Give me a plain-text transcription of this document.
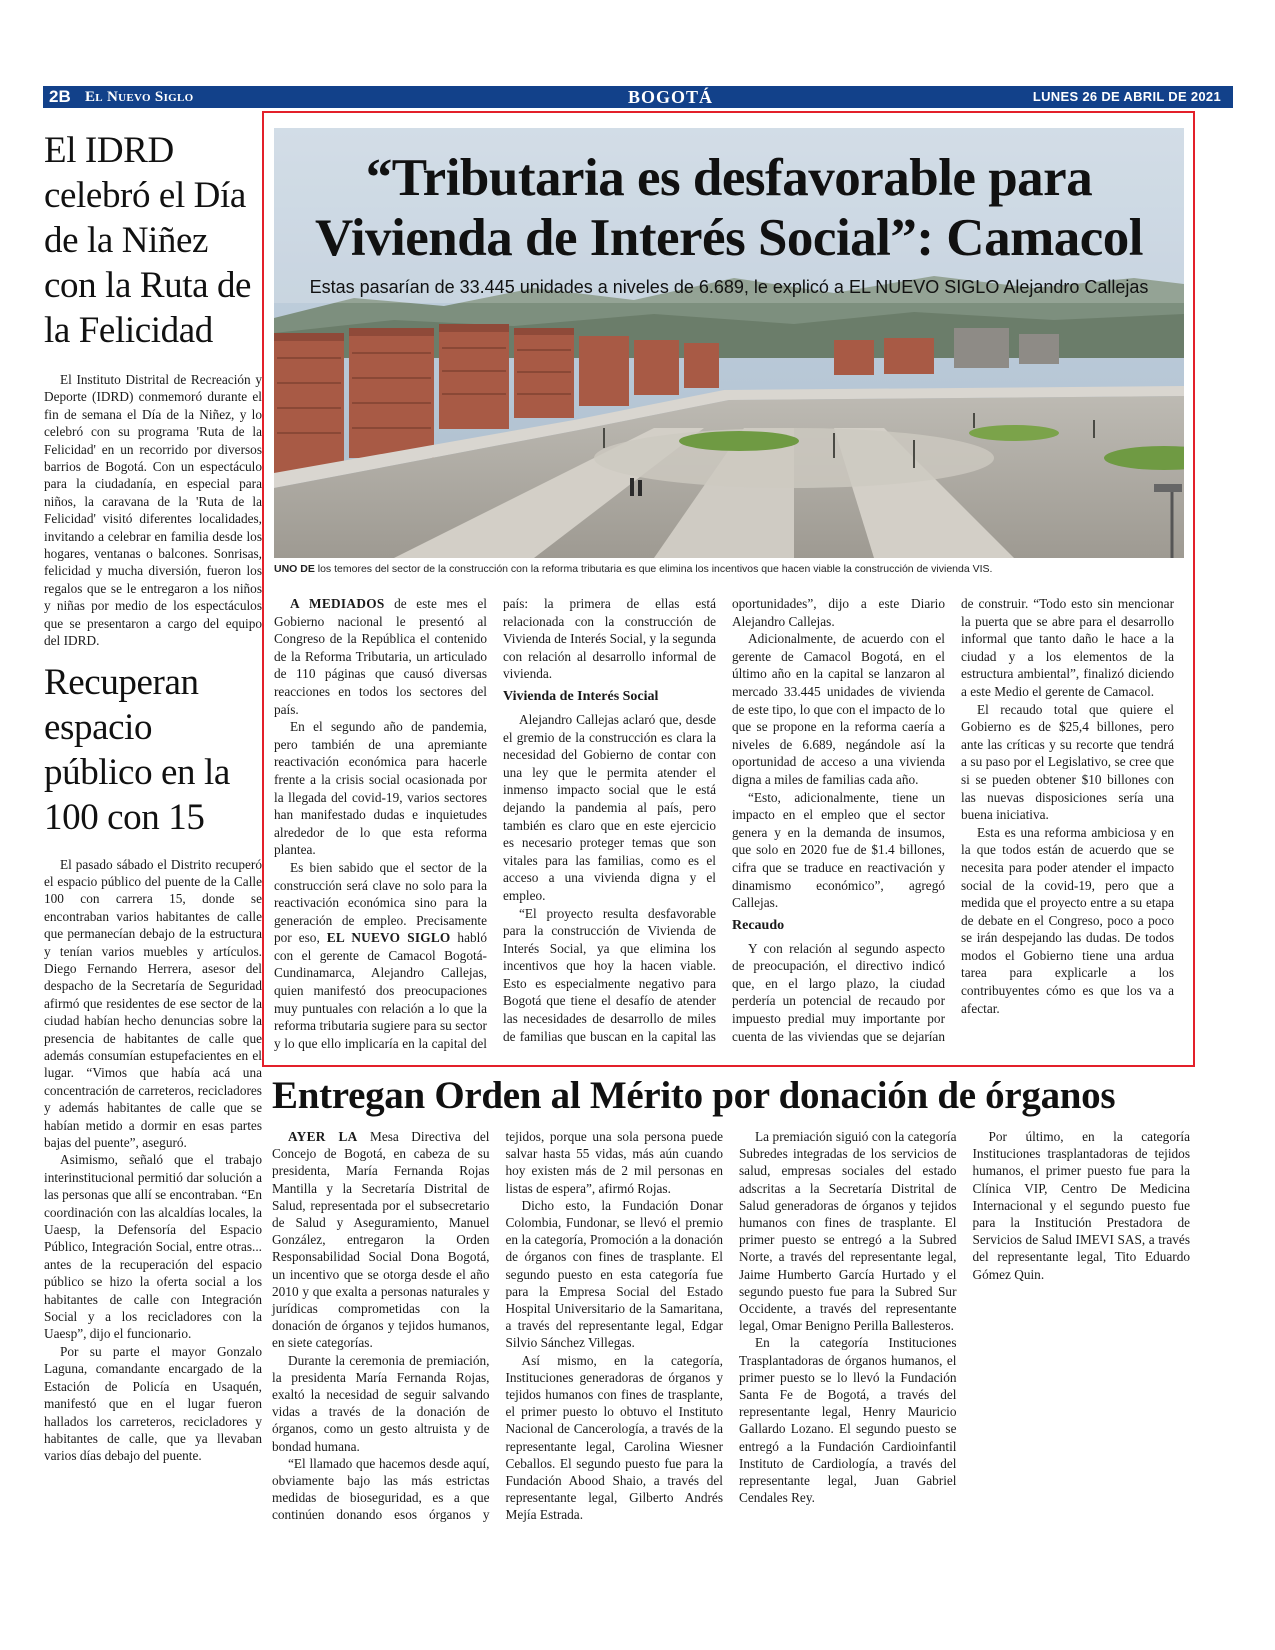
2B El Nuevo Siglo	BOGOTÁ	LUNES 26 DE ABRIL DE 2021
El IDRD celebró el Día de la Niñez con la Ruta de la Felicidad

El Instituto Distrital de Recreación y Deporte (IDRD) conmemoró durante el fin de semana el Día de la Niñez, y lo celebró con su programa 'Ruta de la Felicidad' en un recorrido por diversos barrios de Bogotá. Con un espectáculo para la ciudadanía, en especial para niños, la caravana de la 'Ruta de la Felicidad' visitó diferentes localidades, invitando a celebrar en familia desde los hogares, ventanas o balcones. Sonrisas, felicidad y mucha diversión, fueron los regalos que se le entregaron a los niños y niñas por medio de los espectáculos que se presentaron a cargo del equipo del IDRD.

Recuperan espacio público en la 100 con 15

El pasado sábado el Distrito recuperó el espacio público del puente de la Calle 100 con carrera 15, donde se encontraban varios habitantes de calle que permanecían debajo de la estructura y tenían varios muebles y artículos. Diego Fernando Herrera, asesor del despacho de la Secretaría de Seguridad afirmó que residentes de ese sector de la ciudad habían hecho denuncias sobre la presencia de habitantes de calle que además consumían estupefacientes en el lugar. “Vimos que había acá una concentración de carreteros, recicladores y además habitantes de calle que se habían metido a dormir en esas partes bajas del puente”, aseguró.

Asimismo, señaló que el trabajo interinstitucional permitió dar solución a las personas que allí se encontraban. “En coordinación con las alcaldías locales, la Uaesp, la Defensoría del Espacio Público, Integración Social, entre otras... antes de la recuperación del espacio público se hizo la oferta social a los habitantes de calle con Integración Social y a los recicladores con la Uaesp”, dijo el funcionario.

Por su parte el mayor Gonzalo Laguna, comandante encargado de la Estación de Policía en Usaquén, manifestó que en el lugar fueron hallados los carreteros, recicladores y habitantes de calle, que ya llevaban varios días debajo del puente.

“Tributaria es desfavorable para Vivienda de Interés Social”: Camacol
Estas pasarían de 33.445 unidades a niveles de 6.689, le explicó a EL NUEVO SIGLO Alejandro Callejas
UNO DE los temores del sector de la construcción con la reforma tributaria es que elimina los incentivos que hacen viable la construcción de vivienda VIS.

A MEDIADOS de este mes el Gobierno nacional le presentó al Congreso de la República el contenido de la Reforma Tributaria, un articulado de 110 páginas que causó diversas reacciones en todos los sectores del país.

En el segundo año de pandemia, pero también de una apremiante reactivación económica para hacerle frente a la crisis social ocasionada por la llegada del covid-19, varios sectores han manifestado dudas e inquietudes alrededor de lo que esta reforma plantea.

Es bien sabido que el sector de la construcción será clave no solo para la reactivación económica sino para la generación de empleo. Precisamente por eso, EL NUEVO SIGLO habló con el gerente de Camacol Bogotá-Cundinamarca, Alejandro Callejas, quien manifestó dos preocupaciones muy puntuales con relación a lo que la reforma tributaria sugiere para su sector y lo que ello implicaría en la capital del país: la primera de ellas está relacionada con la construcción de Vivienda de Interés Social, y la segunda con relación al desarrollo informal de vivienda.

Vivienda de Interés Social

Alejandro Callejas aclaró que, desde el gremio de la construcción es clara la necesidad del Gobierno de contar con una ley que le permita atender el inmenso impacto social que le está dejando la pandemia al país, pero también es claro que en este ejercicio es necesario proteger temas que son vitales para las familias, como es el acceso a una vivienda digna y el empleo.

“El proyecto resulta desfavorable para la construcción de Vivienda de Interés Social, ya que elimina los incentivos que hoy la hacen viable. Esto es especialmente negativo para Bogotá que tiene el desafío de atender las necesidades de desarrollo de miles de familias que buscan en la capital las oportunidades”, dijo a este Diario Alejandro Callejas.

Adicionalmente, de acuerdo con el gerente de Camacol Bogotá, en el último año en la capital se lanzaron al mercado 33.445 unidades de vivienda de este tipo, lo que con el impacto de lo que se propone en la reforma caería a niveles de 6.689, negándole así la oportunidad de acceso a una vivienda digna a miles de familias cada año.

“Esto, adicionalmente, tiene un impacto en el empleo que el sector genera y en la demanda de insumos, que solo en 2020 fue de $1.4 billones, cifra que se traduce en reactivación y dinamismo económico”, agregó Callejas.

Recaudo

Y con relación al segundo aspecto de preocupación, el directivo indicó que, en el largo plazo, la ciudad perdería un potencial de recaudo por impuesto predial muy importante por cuenta de las viviendas que se dejarían de construir. “Todo esto sin mencionar la puerta que se abre para el desarrollo informal que tanto daño le hace a la ciudad y a los elementos de la estructura ambiental”, finalizó diciendo a este Medio el gerente de Camacol.

El recaudo total que quiere el Gobierno es de $25,4 billones, pero ante las críticas y su recorte que tendrá a su paso por el Legislativo, se cree que si se pueden obtener $10 billones con las nuevas disposiciones sería una buena iniciativa.

Esta es una reforma ambiciosa y en la que todos están de acuerdo que se necesita para poder atender el impacto social de la covid-19, pero que a medida que el proyecto entre a su etapa de debate en el Congreso, poco a poco se irán despejando las dudas. De todos modos el Gobierno tiene una ardua tarea para explicarle a los contribuyentes cómo es que los va a afectar.

Entregan Orden al Mérito por donación de órganos

AYER LA Mesa Directiva del Concejo de Bogotá, en cabeza de su presidenta, María Fernanda Rojas Mantilla y la Secretaría Distrital de Salud, representada por el subsecretario de Salud y Aseguramiento, Manuel González, entregaron la Orden Responsabilidad Social Dona Bogotá, un incentivo que se otorga desde el año 2010 y que exalta a personas naturales y jurídicas comprometidas con la donación de órganos y tejidos humanos, en siete categorías.

Durante la ceremonia de premiación, la presidenta María Fernanda Rojas, exaltó la necesidad de seguir salvando vidas a través de la donación de órganos, como un gesto altruista y de bondad humana.

“El llamado que hacemos desde aquí, obviamente bajo las más estrictas medidas de bioseguridad, es a que continúen donando esos órganos y tejidos, porque una sola persona puede salvar hasta 55 vidas, más aún cuando hoy existen más de 2 mil personas en listas de espera”, afirmó Rojas.

Dicho esto, la Fundación Donar Colombia, Fundonar, se llevó el premio en la categoría, Promoción a la donación de órganos con fines de trasplante. El segundo puesto en esta categoría fue para la Empresa Social del Estado Hospital Universitario de la Samaritana, a través del representante legal, Edgar Silvio Sánchez Villegas.

Así mismo, en la categoría, Instituciones generadoras de órganos y tejidos humanos con fines de trasplante, el primer puesto lo obtuvo el Instituto Nacional de Cancerología, a través de la representante legal, Carolina Wiesner Ceballos. El segundo puesto fue para la Fundación Abood Shaio, a través del representante legal, Gilberto Andrés Mejía Estrada.

La premiación siguió con la categoría Subredes integradas de los servicios de salud, empresas sociales del estado adscritas a la Secretaría Distrital de Salud generadoras de órganos y tejidos humanos con fines de trasplante. El primer puesto se entregó a la Subred Norte, a través del representante legal, Jaime Humberto García Hurtado y el segundo puesto fue para la Subred Sur Occidente, a través del representante legal, Omar Benigno Perilla Ballesteros.

En la categoría Instituciones Trasplantadoras de órganos humanos, el primer puesto se lo llevó la Fundación Santa Fe de Bogotá, a través del representante legal, Henry Mauricio Gallardo Lozano. El segundo puesto se entregó a la Fundación Cardioinfantil Instituto de Cardiología, a través del representante legal, Juan Gabriel Cendales Rey.

Por último, en la categoría Instituciones trasplantadoras de tejidos humanos, el primer puesto fue para la Clínica VIP, Centro De Medicina Internacional y el segundo puesto fue para la Institución Prestadora de Servicios de Salud IMEVI SAS, a través del representante legal, Tito Eduardo Gómez Quin.
